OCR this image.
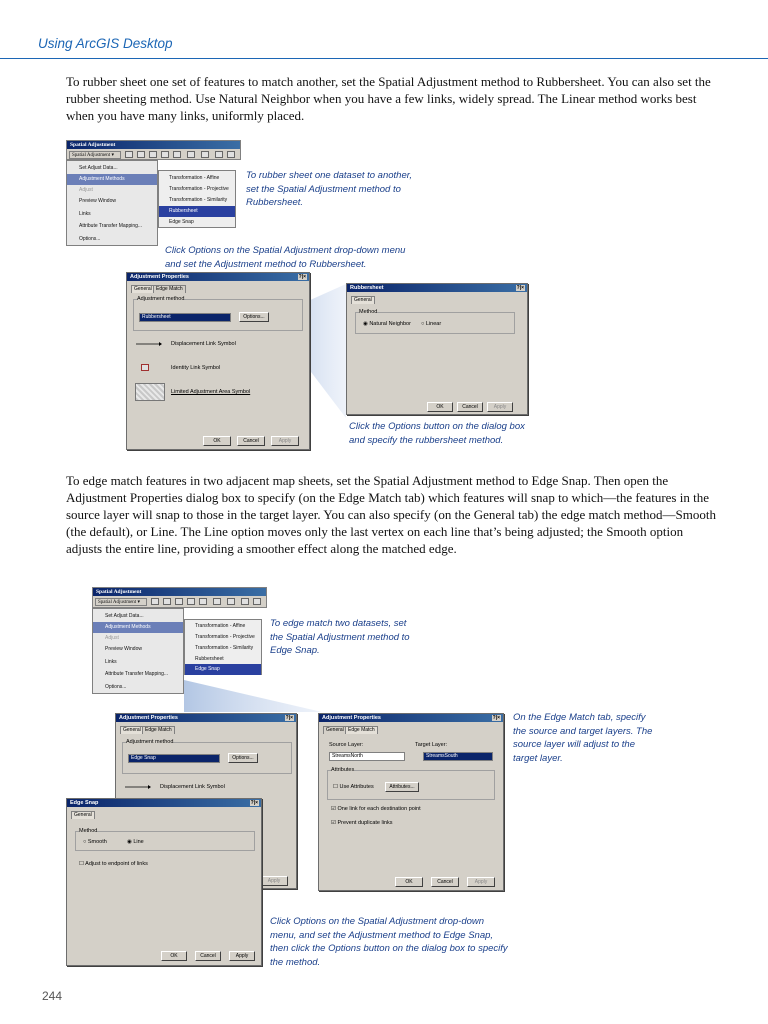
Using ArcGIS Desktop
To rubber sheet one set of features to match another, set the Spatial Adjustment method to Rubbersheet. You can also set the rubber sheeting method. Use Natural Neighbor when you have a few links, widely spread. The Linear method works best when you have many links, uniformly placed.
Spatial Adjustment
Spatial Adjustment ▾
Set Adjust Data...
Adjustment Methods
Adjust
Preview Window
Links
Attribute Transfer Mapping...
Options...
Transformation - Affine
Transformation - Projective
Transformation - Similarity
Rubbersheet
Edge Snap
To rubber sheet one dataset to another, set the Spatial Adjustment method to Rubbersheet.
Click Options on the Spatial Adjustment drop-down menu and set the Adjustment method to Rubbersheet.
Adjustment Properties	?|×
General Edge Match
Adjustment method
Rubbersheet	Options...
Displacement Link Symbol
Identity Link Symbol
Limited Adjustment Area Symbol
OK	Cancel	Apply
Rubbersheet	?|×
General
Method
◉ Natural Neighbor ○ Linear
OK	Cancel	Apply
Click the Options button on the dialog box and specify the rubbersheet method.
To edge match features in two adjacent map sheets, set the Spatial Adjustment method to Edge Snap. Then open the Adjustment Properties dialog box to specify (on the Edge Match tab) which features will snap to which—the features in the source layer will snap to those in the target layer. You can also specify (on the General tab) the edge match method—Smooth (the default), or Line. The Line option moves only the last vertex on each line that’s being adjusted; the Smooth option adjusts the entire line, providing a smoother effect along the matched edge.
Spatial Adjustment
Spatial Adjustment ▾
Set Adjust Data...
Adjustment Methods
Adjust
Preview Window
Links
Attribute Transfer Mapping...
Options...
Transformation - Affine
Transformation - Projective
Transformation - Similarity
Rubbersheet
Edge Snap
To edge match two datasets, set the Spatial Adjustment method to Edge Snap.
Adjustment Properties	?|×
General Edge Match
Adjustment method
Edge Snap	Options...
Displacement Link Symbol
Apply
Edge Snap	?|×
General
Method
○ Smooth	◉ Line
☐ Adjust to endpoint of links
OK	Cancel	Apply
Adjustment Properties	?|×
General Edge Match
Source Layer:	Target Layer:
StreamsNorth	StreamsSouth
Attributes
☐ Use Attributes	Attributes...
☑ One link for each destination point
☑ Prevent duplicate links
OK	Cancel	Apply
On the Edge Match tab, specify the source and target layers. The source layer will adjust to the target layer.
Click Options on the Spatial Adjustment drop-down menu, and set the Adjustment method to Edge Snap, then click the Options button on the dialog box to specify the method.
244
